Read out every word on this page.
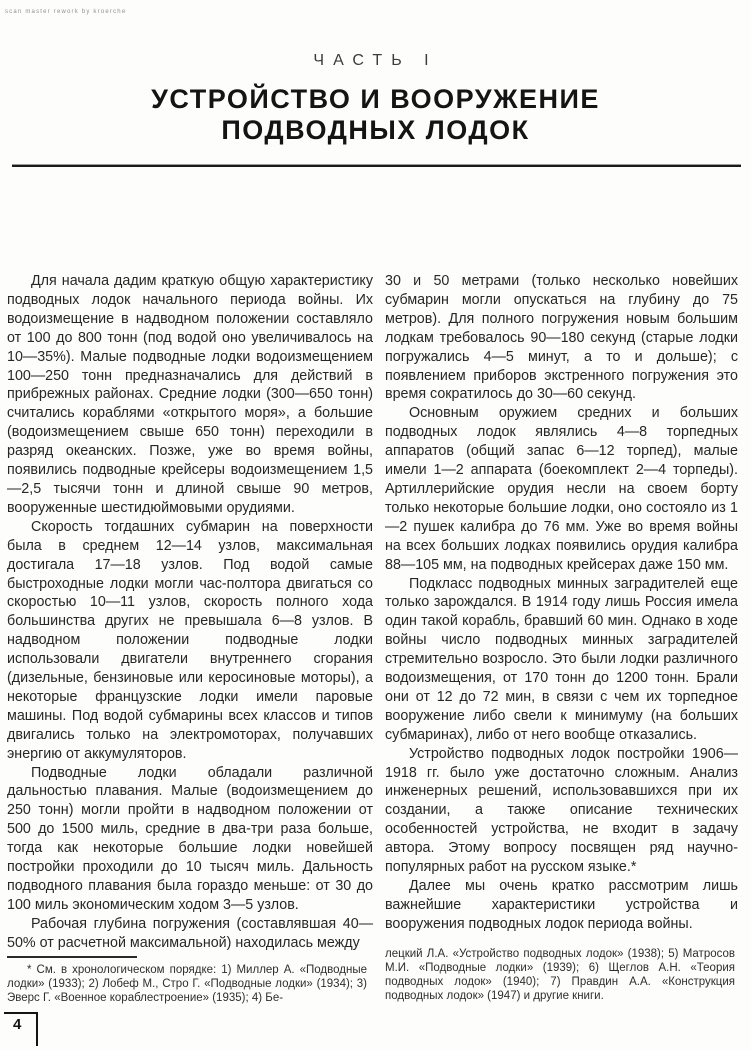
scan master rework by kroerche
ЧАСТЬ I
УСТРОЙСТВО И ВООРУЖЕНИЕ
ПОДВОДНЫХ ЛОДОК

Для начала дадим краткую общую характеристику подводных лодок начального периода войны. Их водоизмещение в надводном положении составляло от 100 до 800 тонн (под водой оно увеличивалось на 10—35%). Малые подводные лодки водоизмещением 100—250 тонн предназначались для действий в прибрежных районах. Средние лодки (300—650 тонн) считались кораблями «открытого моря», а большие (водоизмещением свыше 650 тонн) переходили в разряд океанских. Позже, уже во время войны, появились подводные крейсеры водоизмещением 1,5—2,5 тысячи тонн и длиной свыше 90 метров, вооруженные шестидюймовыми орудиями.

Скорость тогдашних субмарин на поверхности была в среднем 12—14 узлов, максимальная достигала 17—18 узлов. Под водой самые быстроходные лодки могли час-полтора двигаться со скоростью 10—11 узлов, скорость полного хода большинства других не превышала 6—8 узлов. В надводном положении подводные лодки использовали двигатели внутреннего сгорания (дизельные, бензиновые или керосиновые моторы), а некоторые французские лодки имели паровые машины. Под водой субмарины всех классов и типов двигались только на электромоторах, получавших энергию от аккумуляторов.

Подводные лодки обладали различной дальностью плавания. Малые (водоизмещением до 250 тонн) могли пройти в надводном положении от 500 до 1500 миль, средние в два-три раза больше, тогда как некоторые большие лодки новейшей постройки проходили до 10 тысяч миль. Дальность подводного плавания была гораздо меньше: от 30 до 100 миль экономическим ходом 3—5 узлов.

Рабочая глубина погружения (составлявшая 40—50% от расчетной максимальной) находилась между

30 и 50 метрами (только несколько новейших субмарин могли опускаться на глубину до 75 метров). Для полного погружения новым большим лодкам требовалось 90—180 секунд (старые лодки погружались 4—5 минут, а то и дольше); с появлением приборов экстренного погружения это время сократилось до 30—60 секунд.

Основным оружием средних и больших подводных лодок являлись 4—8 торпедных аппаратов (общий запас 6—12 торпед), малые имели 1—2 аппарата (боекомплект 2—4 торпеды). Артиллерийские орудия несли на своем борту только некоторые большие лодки, оно состояло из 1—2 пушек калибра до 76 мм. Уже во время войны на всех больших лодках появились орудия калибра 88—105 мм, на подводных крейсерах даже 150 мм.

Подкласс подводных минных заградителей еще только зарождался. В 1914 году лишь Россия имела один такой корабль, бравший 60 мин. Однако в ходе войны число подводных минных заградителей стремительно возросло. Это были лодки различного водоизмещения, от 170 тонн до 1200 тонн. Брали они от 12 до 72 мин, в связи с чем их торпедное вооружение либо свели к минимуму (на больших субмаринах), либо от него вообще отказались.

Устройство подводных лодок постройки 1906—1918 гг. было уже достаточно сложным. Анализ инженерных решений, использовавшихся при их создании, а также описание технических особенностей устройства, не входит в задачу автора. Этому вопросу посвящен ряд научно-популярных работ на русском языке.*

Далее мы очень кратко рассмотрим лишь важнейшие характеристики устройства и вооружения подводных лодок периода войны.

* См. в хронологическом порядке: 1) Миллер А. «Подводные лодки» (1933); 2) Лобеф М., Стро Г. «Подводные лодки» (1934); 3) Эверс Г. «Военное кораблестроение» (1935); 4) Бе-

лецкий Л.А. «Устройство подводных лодок» (1938); 5) Матросов М.И. «Подводные лодки» (1939); 6) Щеглов А.Н. «Теория подводных лодок» (1940); 7) Правдин А.А. «Конструкция подводных лодок» (1947) и другие книги.

4
